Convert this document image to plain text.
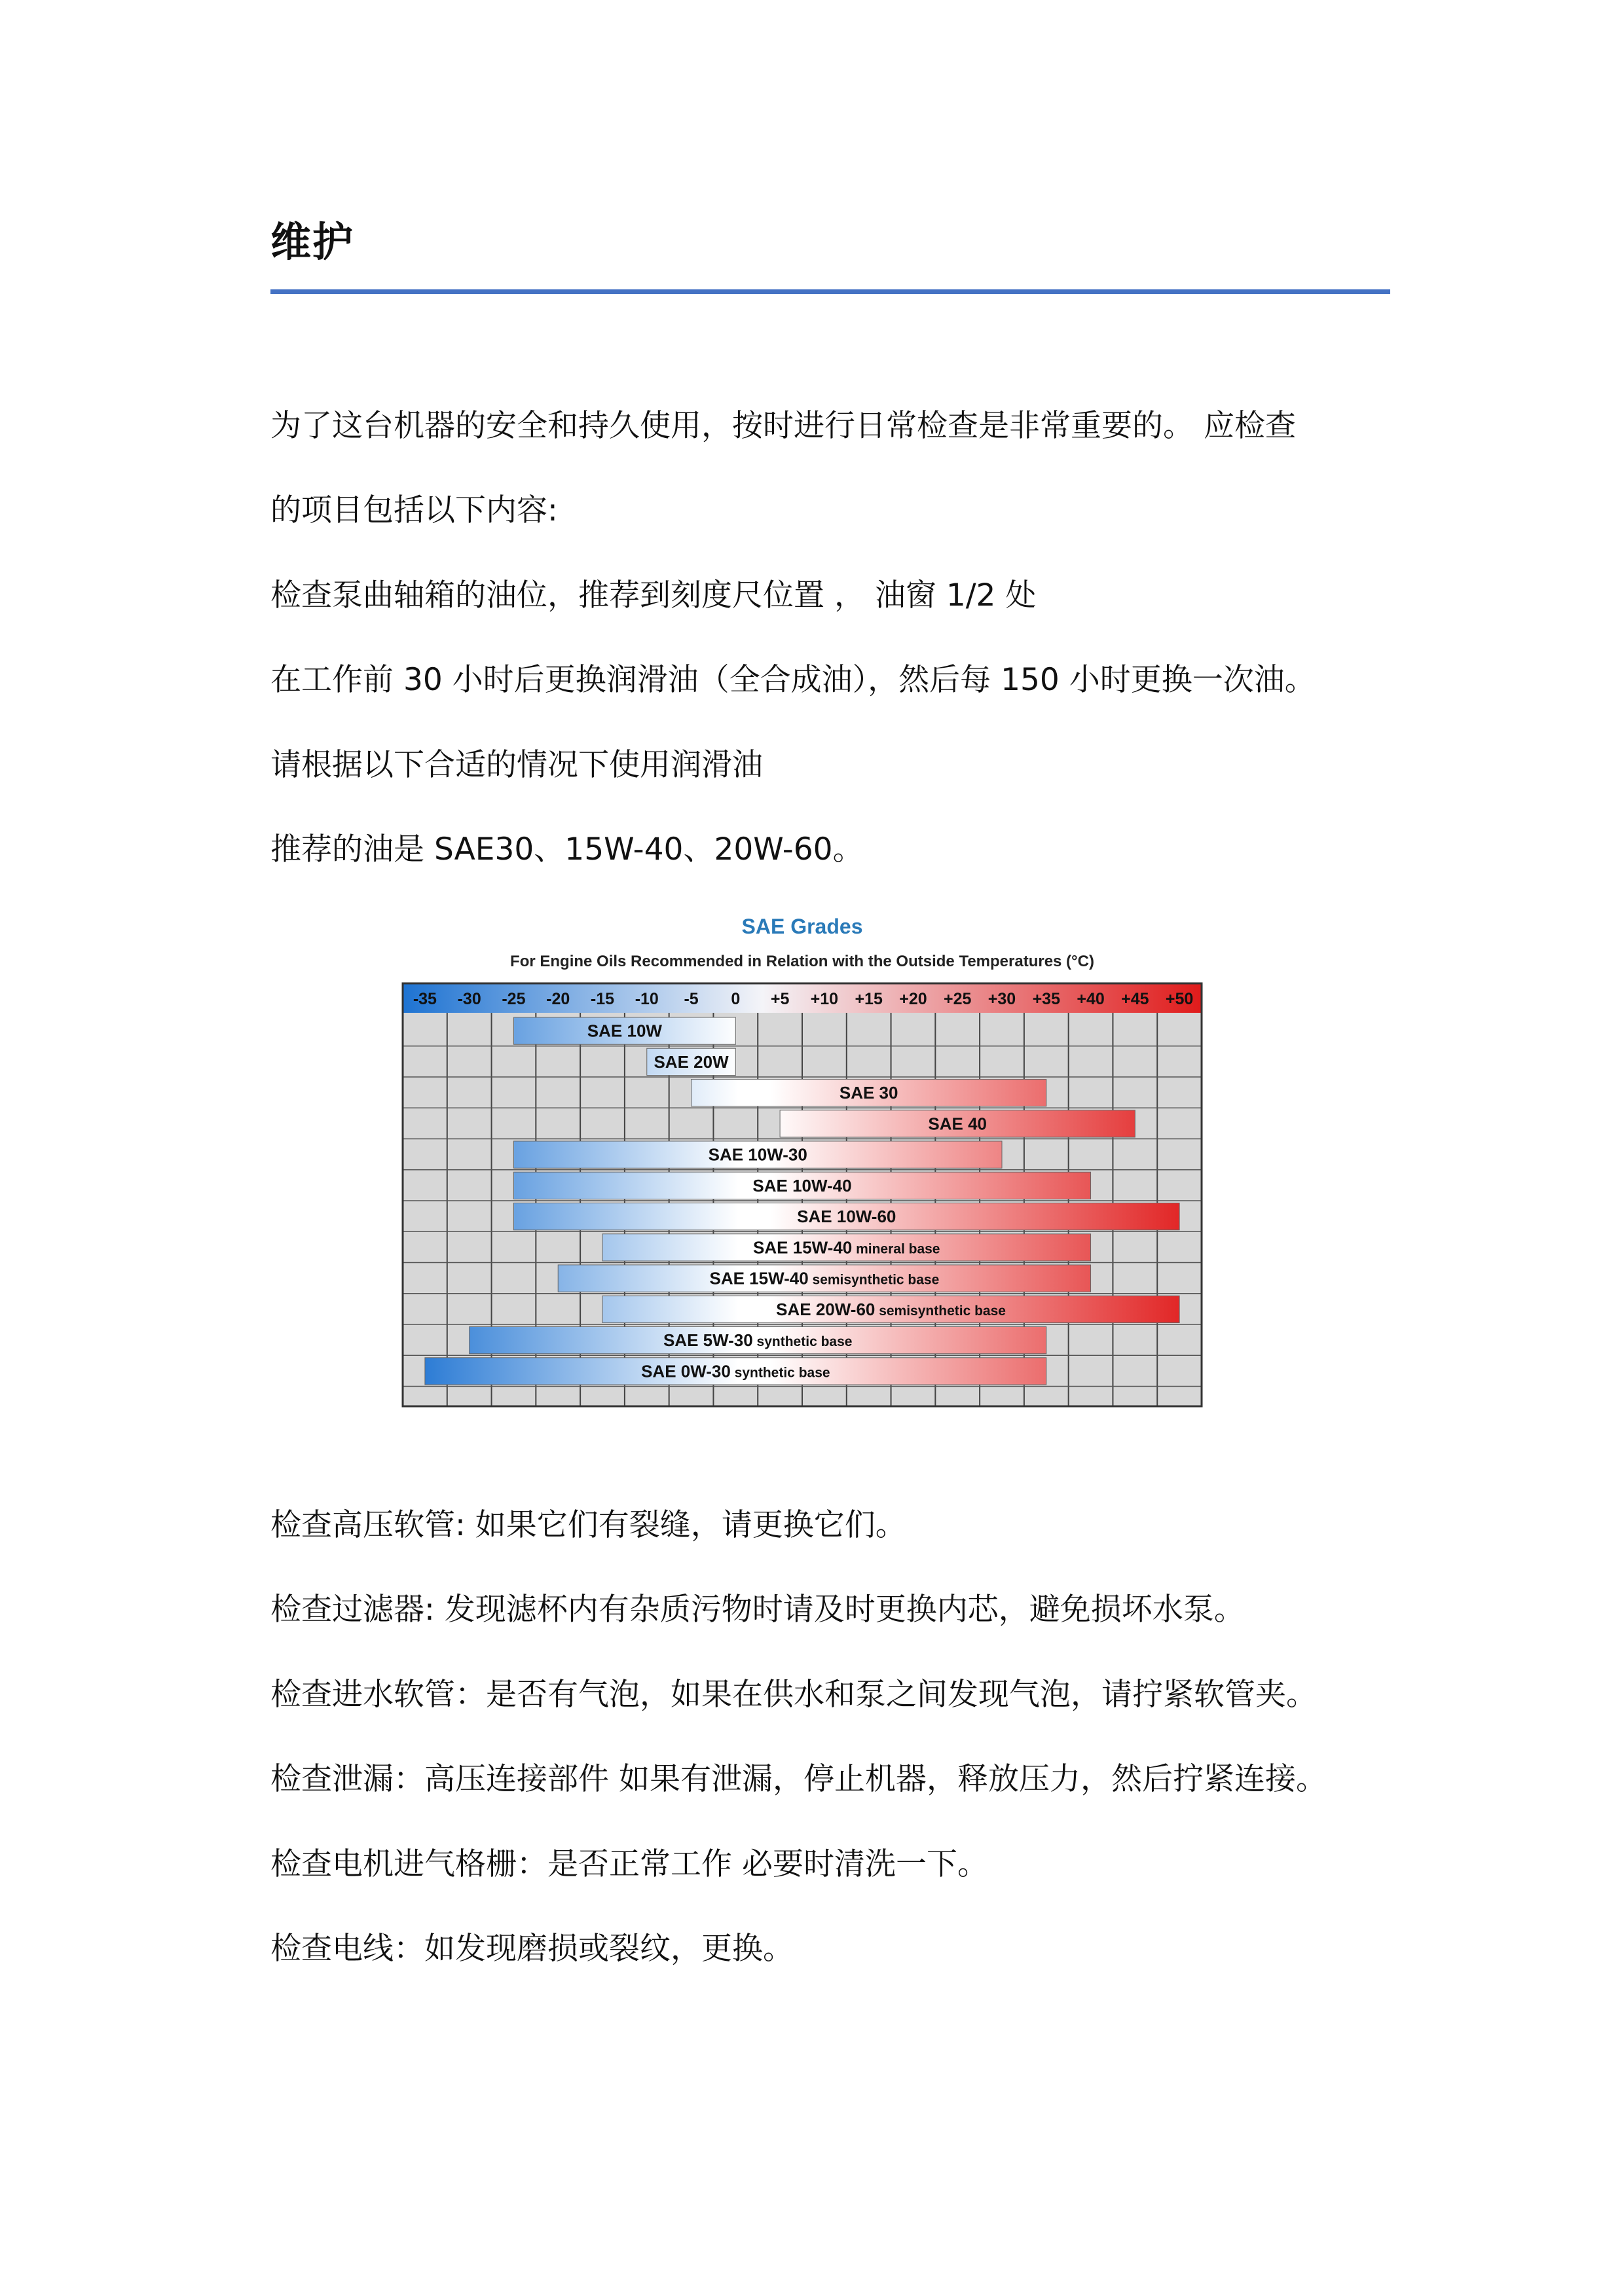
维护
为了这台机器的安全和持久使用，按时进行日常检查是非常重要的。 应检查
的项目包括以下内容:
检查泵曲轴箱的油位，推荐到刻度尺位置 ， 油窗 1/2 处
在工作前 30 小时后更换润滑油（全合成油），然后每 150 小时更换一次油。
请根据以下合适的情况下使用润滑油
推荐的油是 SAE30、15W-40、20W-60。
SAE Grades
For Engine Oils Recommended in Relation with the Outside Temperatures (°C)
-35 -30 -25 -20 -15 -10 -5 0 +5 +10 +15 +20 +25 +30 +35 +40 +45 +50
SAE 10W
SAE 20W
SAE 30
SAE 40
SAE 10W-30
SAE 10W-40
SAE 10W-60
SAE 15W-40 mineral base
SAE 15W-40 semisynthetic base
SAE 20W-60 semisynthetic base
SAE 5W-30 synthetic base
SAE 0W-30 synthetic base
检查高压软管: 如果它们有裂缝，请更换它们。
检查过滤器: 发现滤杯内有杂质污物时请及时更换内芯，避免损坏水泵。
检查进水软管：是否有气泡，如果在供水和泵之间发现气泡，请拧紧软管夹。
检查泄漏：高压连接部件 如果有泄漏，停止机器，释放压力，然后拧紧连接。
检查电机进气格栅：是否正常工作 必要时清洗一下。
检查电线：如发现磨损或裂纹，更换。
